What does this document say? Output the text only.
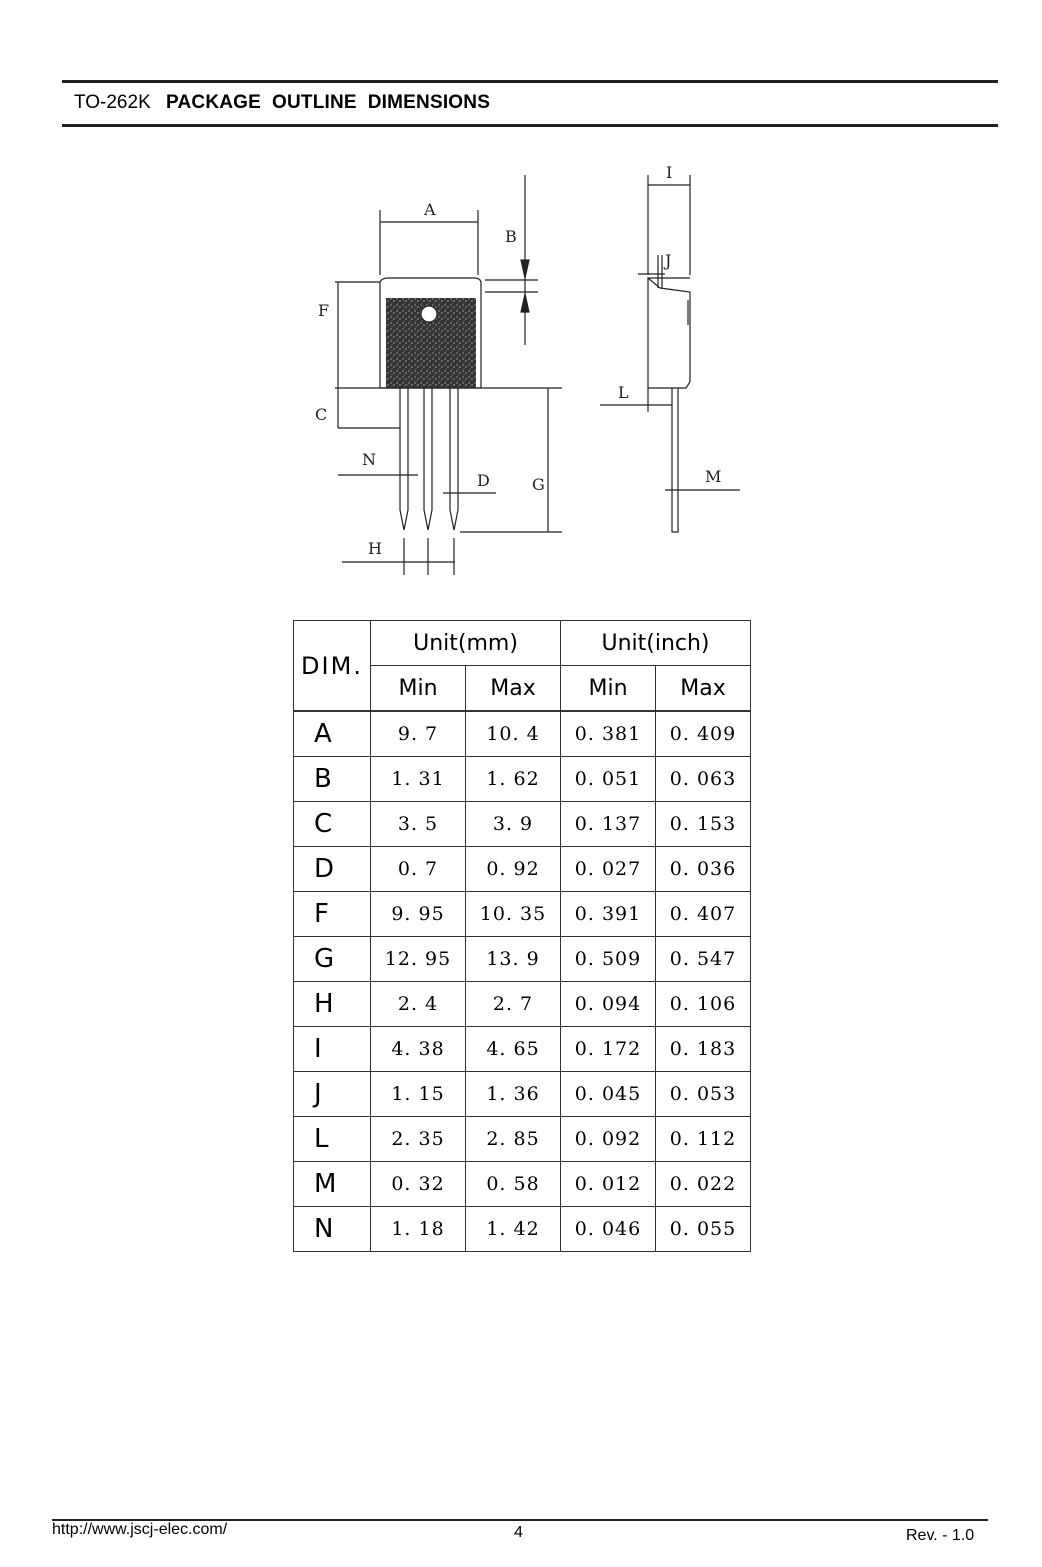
TO-262K PACKAGE  OUTLINE  DIMENSIONS
A
B
F
C
N
D	G
H
I
J
L
M
DIM.	Unit(mm)		Unit(inch)	
	Min	Max	Min	Max
A	9. 7	10. 4	0. 381	0. 409
B	1. 31	1. 62	0. 051	0. 063
C	3. 5	3. 9	0. 137	0. 153
D	0. 7	0. 92	0. 027	0. 036
F	9. 95	10. 35	0. 391	0. 407
G	12. 95	13. 9	0. 509	0. 547
H	2. 4	2. 7	0. 094	0. 106
I	4. 38	4. 65	0. 172	0. 183
J	1. 15	1. 36	0. 045	0. 053
L	2. 35	2. 85	0. 092	0. 112
M	0. 32	0. 58	0. 012	0. 022
N	1. 18	1. 42	0. 046	0. 055
http://www.jscj-elec.com/	4	Rev. - 1.0
